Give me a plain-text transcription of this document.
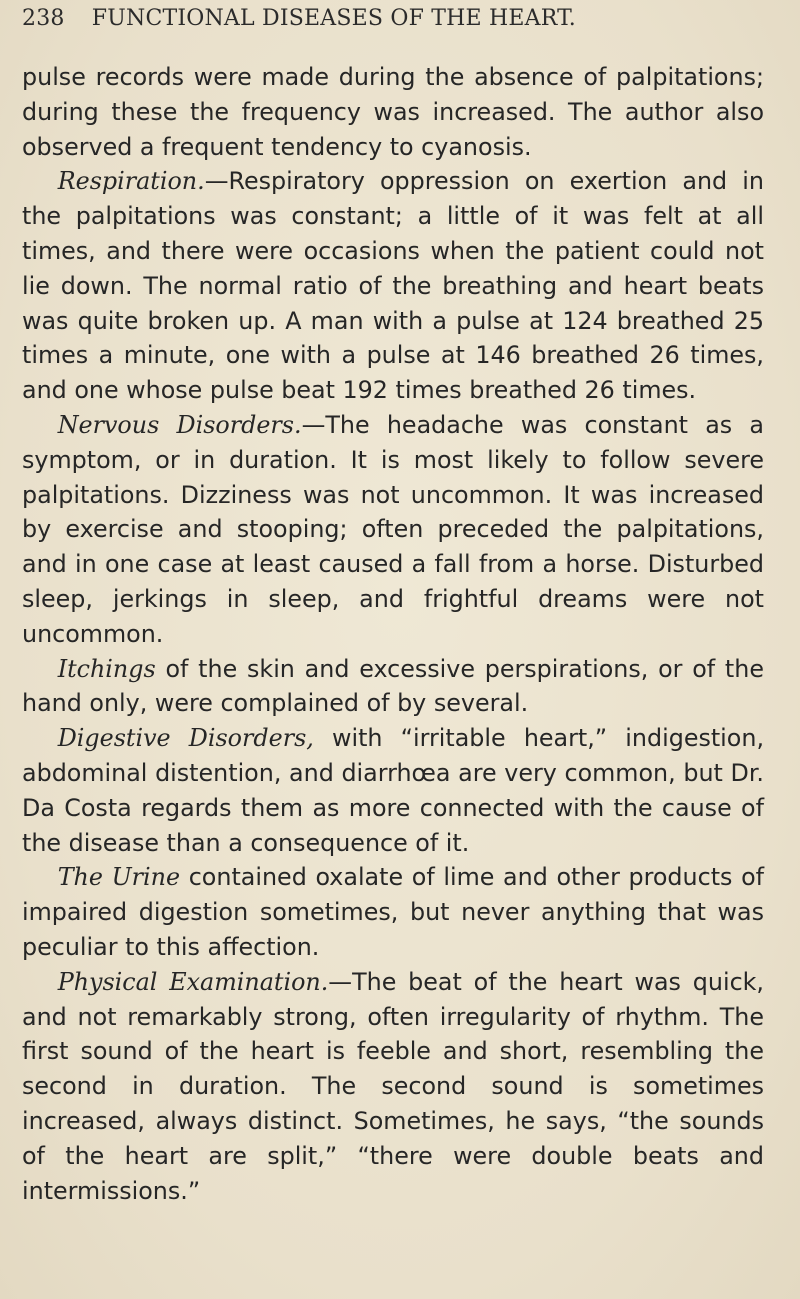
238 FUNCTIONAL DISEASES OF THE HEART.

pulse records were made during the absence of palpitations; during these the frequency was increased. The author also observed a frequent tendency to cyanosis.

Respiration.—Respiratory oppression on exertion and in the palpitations was constant; a little of it was felt at all times, and there were occasions when the patient could not lie down. The normal ratio of the breathing and heart beats was quite broken up. A man with a pulse at 124 breathed 25 times a minute, one with a pulse at 146 breathed 26 times, and one whose pulse beat 192 times breathed 26 times.

Nervous Disorders.—The headache was constant as a symptom, or in duration. It is most likely to follow severe palpitations. Dizziness was not uncommon. It was increased by exercise and stooping; often preceded the palpitations, and in one case at least caused a fall from a horse. Disturbed sleep, jerkings in sleep, and frightful dreams were not uncommon.

Itchings of the skin and excessive perspirations, or of the hand only, were complained of by several.

Digestive Disorders, with “irritable heart,” indigestion, abdominal distention, and diarrhœa are very common, but Dr. Da Costa regards them as more connected with the cause of the disease than a consequence of it.

The Urine contained oxalate of lime and other products of impaired digestion sometimes, but never anything that was peculiar to this affection.

Physical Examination.—The beat of the heart was quick, and not remarkably strong, often irregularity of rhythm. The first sound of the heart is feeble and short, resembling the second in duration. The second sound is sometimes increased, always distinct. Sometimes, he says, “the sounds of the heart are split,” “there were double beats and intermissions.”
